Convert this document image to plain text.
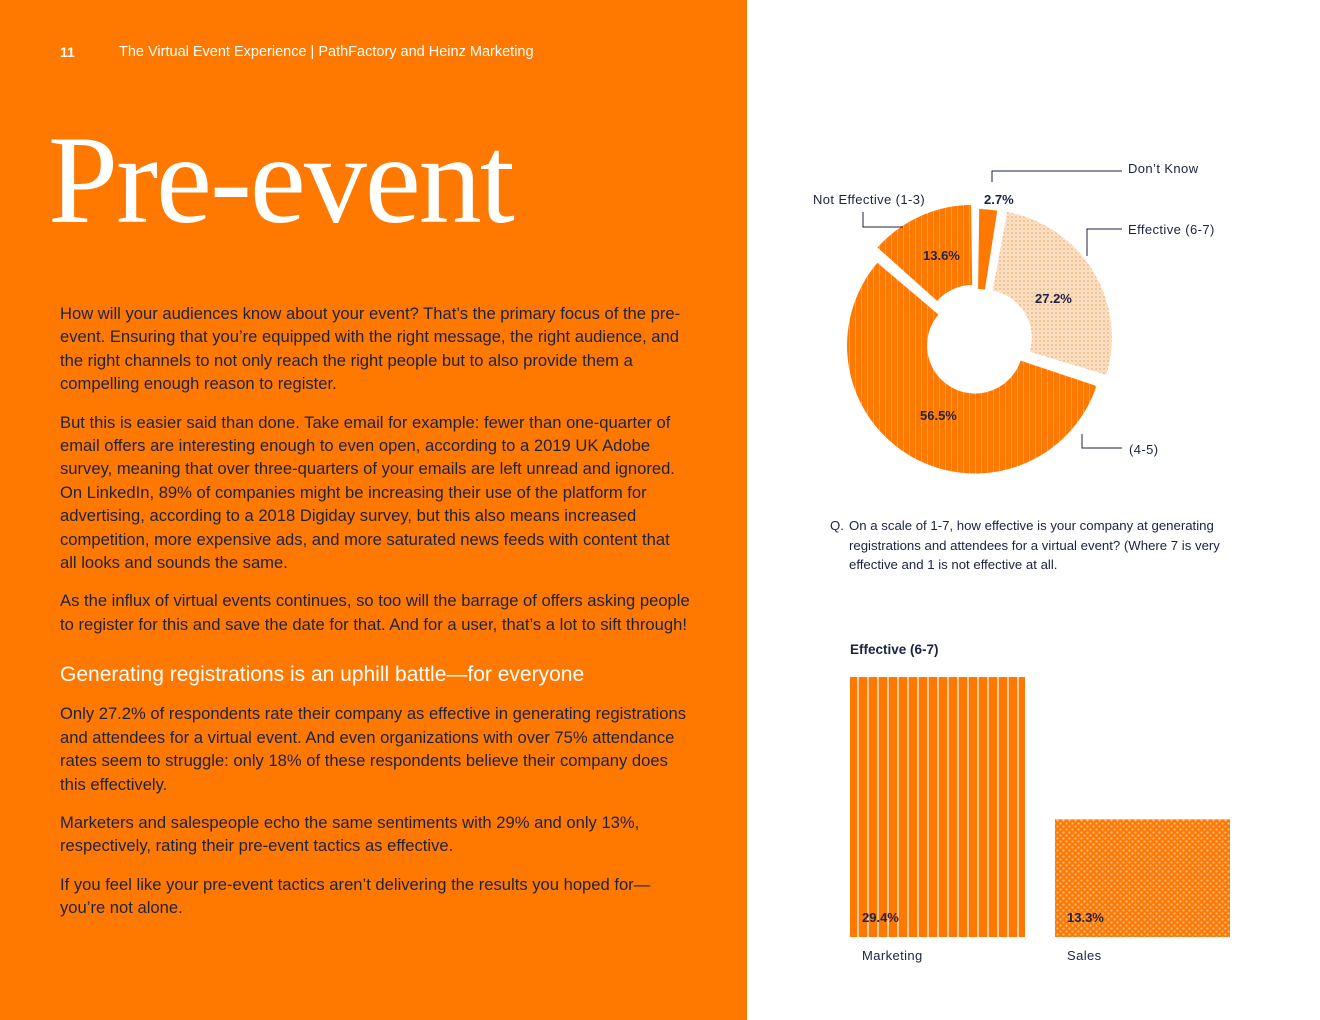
11	The Virtual Event Experience | PathFactory and Heinz Marketing
Pre-event

How will your audiences know about your event? That’s the primary focus of the pre-event. Ensuring that you’re equipped with the right message, the right audience, and the right channels to not only reach the right people but to also provide them a compelling enough reason to register.

But this is easier said than done. Take email for example: fewer than one-quarter of email offers are interesting enough to even open, according to a 2019 UK Adobe survey, meaning that over three-quarters of your emails are left unread and ignored. On LinkedIn, 89% of companies might be increasing their use of the platform for advertising, according to a 2018 Digiday survey, but this also means increased competition, more expensive ads, and more saturated news feeds with content that all looks and sounds the same.

As the influx of virtual events continues, so too will the barrage of offers asking people to register for this and save the date for that. And for a user, that’s a lot to sift through!

Generating registrations is an uphill battle—for everyone

Only 27.2% of respondents rate their company as effective in generating registrations and attendees for a virtual event. And even organizations with over 75% attendance rates seem to struggle: only 18% of these respondents believe their company does this effectively.

Marketers and salespeople echo the same sentiments with 29% and only 13%, respectively, rating their pre-event tactics as effective.

If you feel like your pre-event tactics aren’t delivering the results you hoped for—you’re not alone.

Don’t Know
Effective (6-7)
(4-5)
Not Effective (1-3)	2.7%
27.2%
56.5%
13.6%
29.4%	13.3%
Marketing	Sales
Q. On a scale of 1-7, how effective is your company at generating registrations and attendees for a virtual event? (Where 7 is very effective and 1 is not effective at all.
Effective (6-7)
